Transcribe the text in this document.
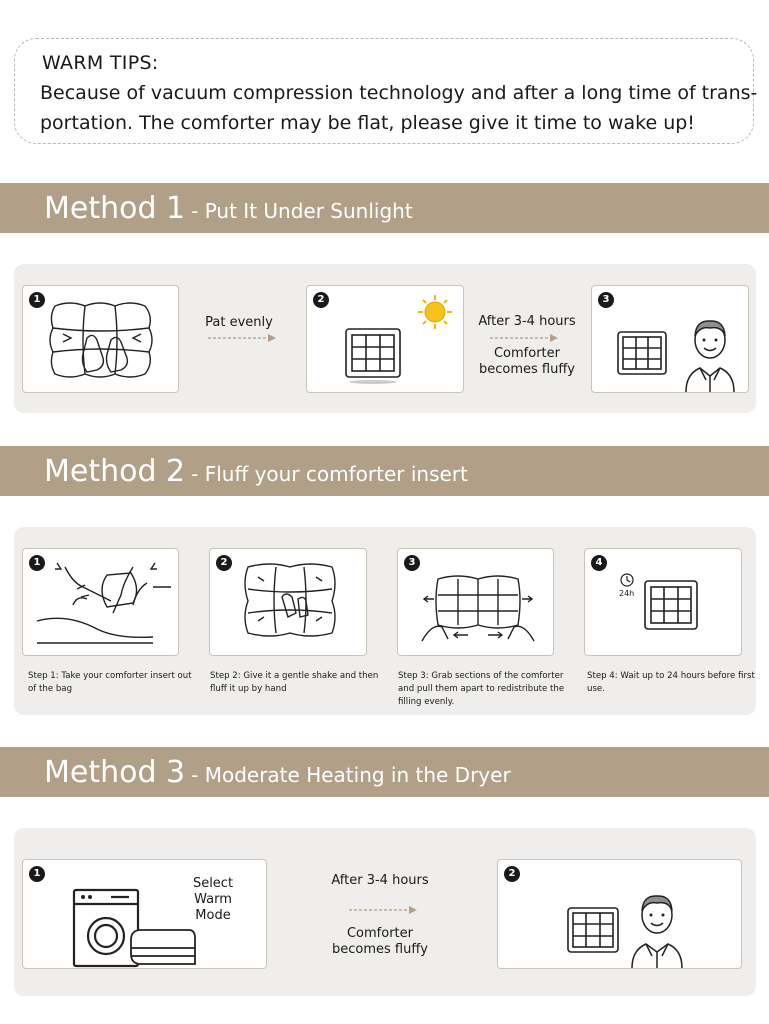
WARM TIPS:
Because of vacuum compression technology and after a long time of trans-
portation. The comforter may be flat, please give it time to wake up!
Method 1 - Put It Under Sunlight
1
Pat evenly
2
After 3-4 hours
Comforter
becomes fluffy
3
Method 2 - Fluff your comforter insert
1	2	3	4
24h
Step 1: Take your comforter insert out
of the bag
Step 2: Give it a gentle shake and then
fluff it up by hand
Step 3: Grab sections of the comforter
and pull them apart to redistribute the
filling evenly.
Step 4: Wait up to 24 hours before first
use.
Method 3 - Moderate Heating in the Dryer
1
Select
Warm
Mode
After 3-4 hours
Comforter
becomes fluffy
2
